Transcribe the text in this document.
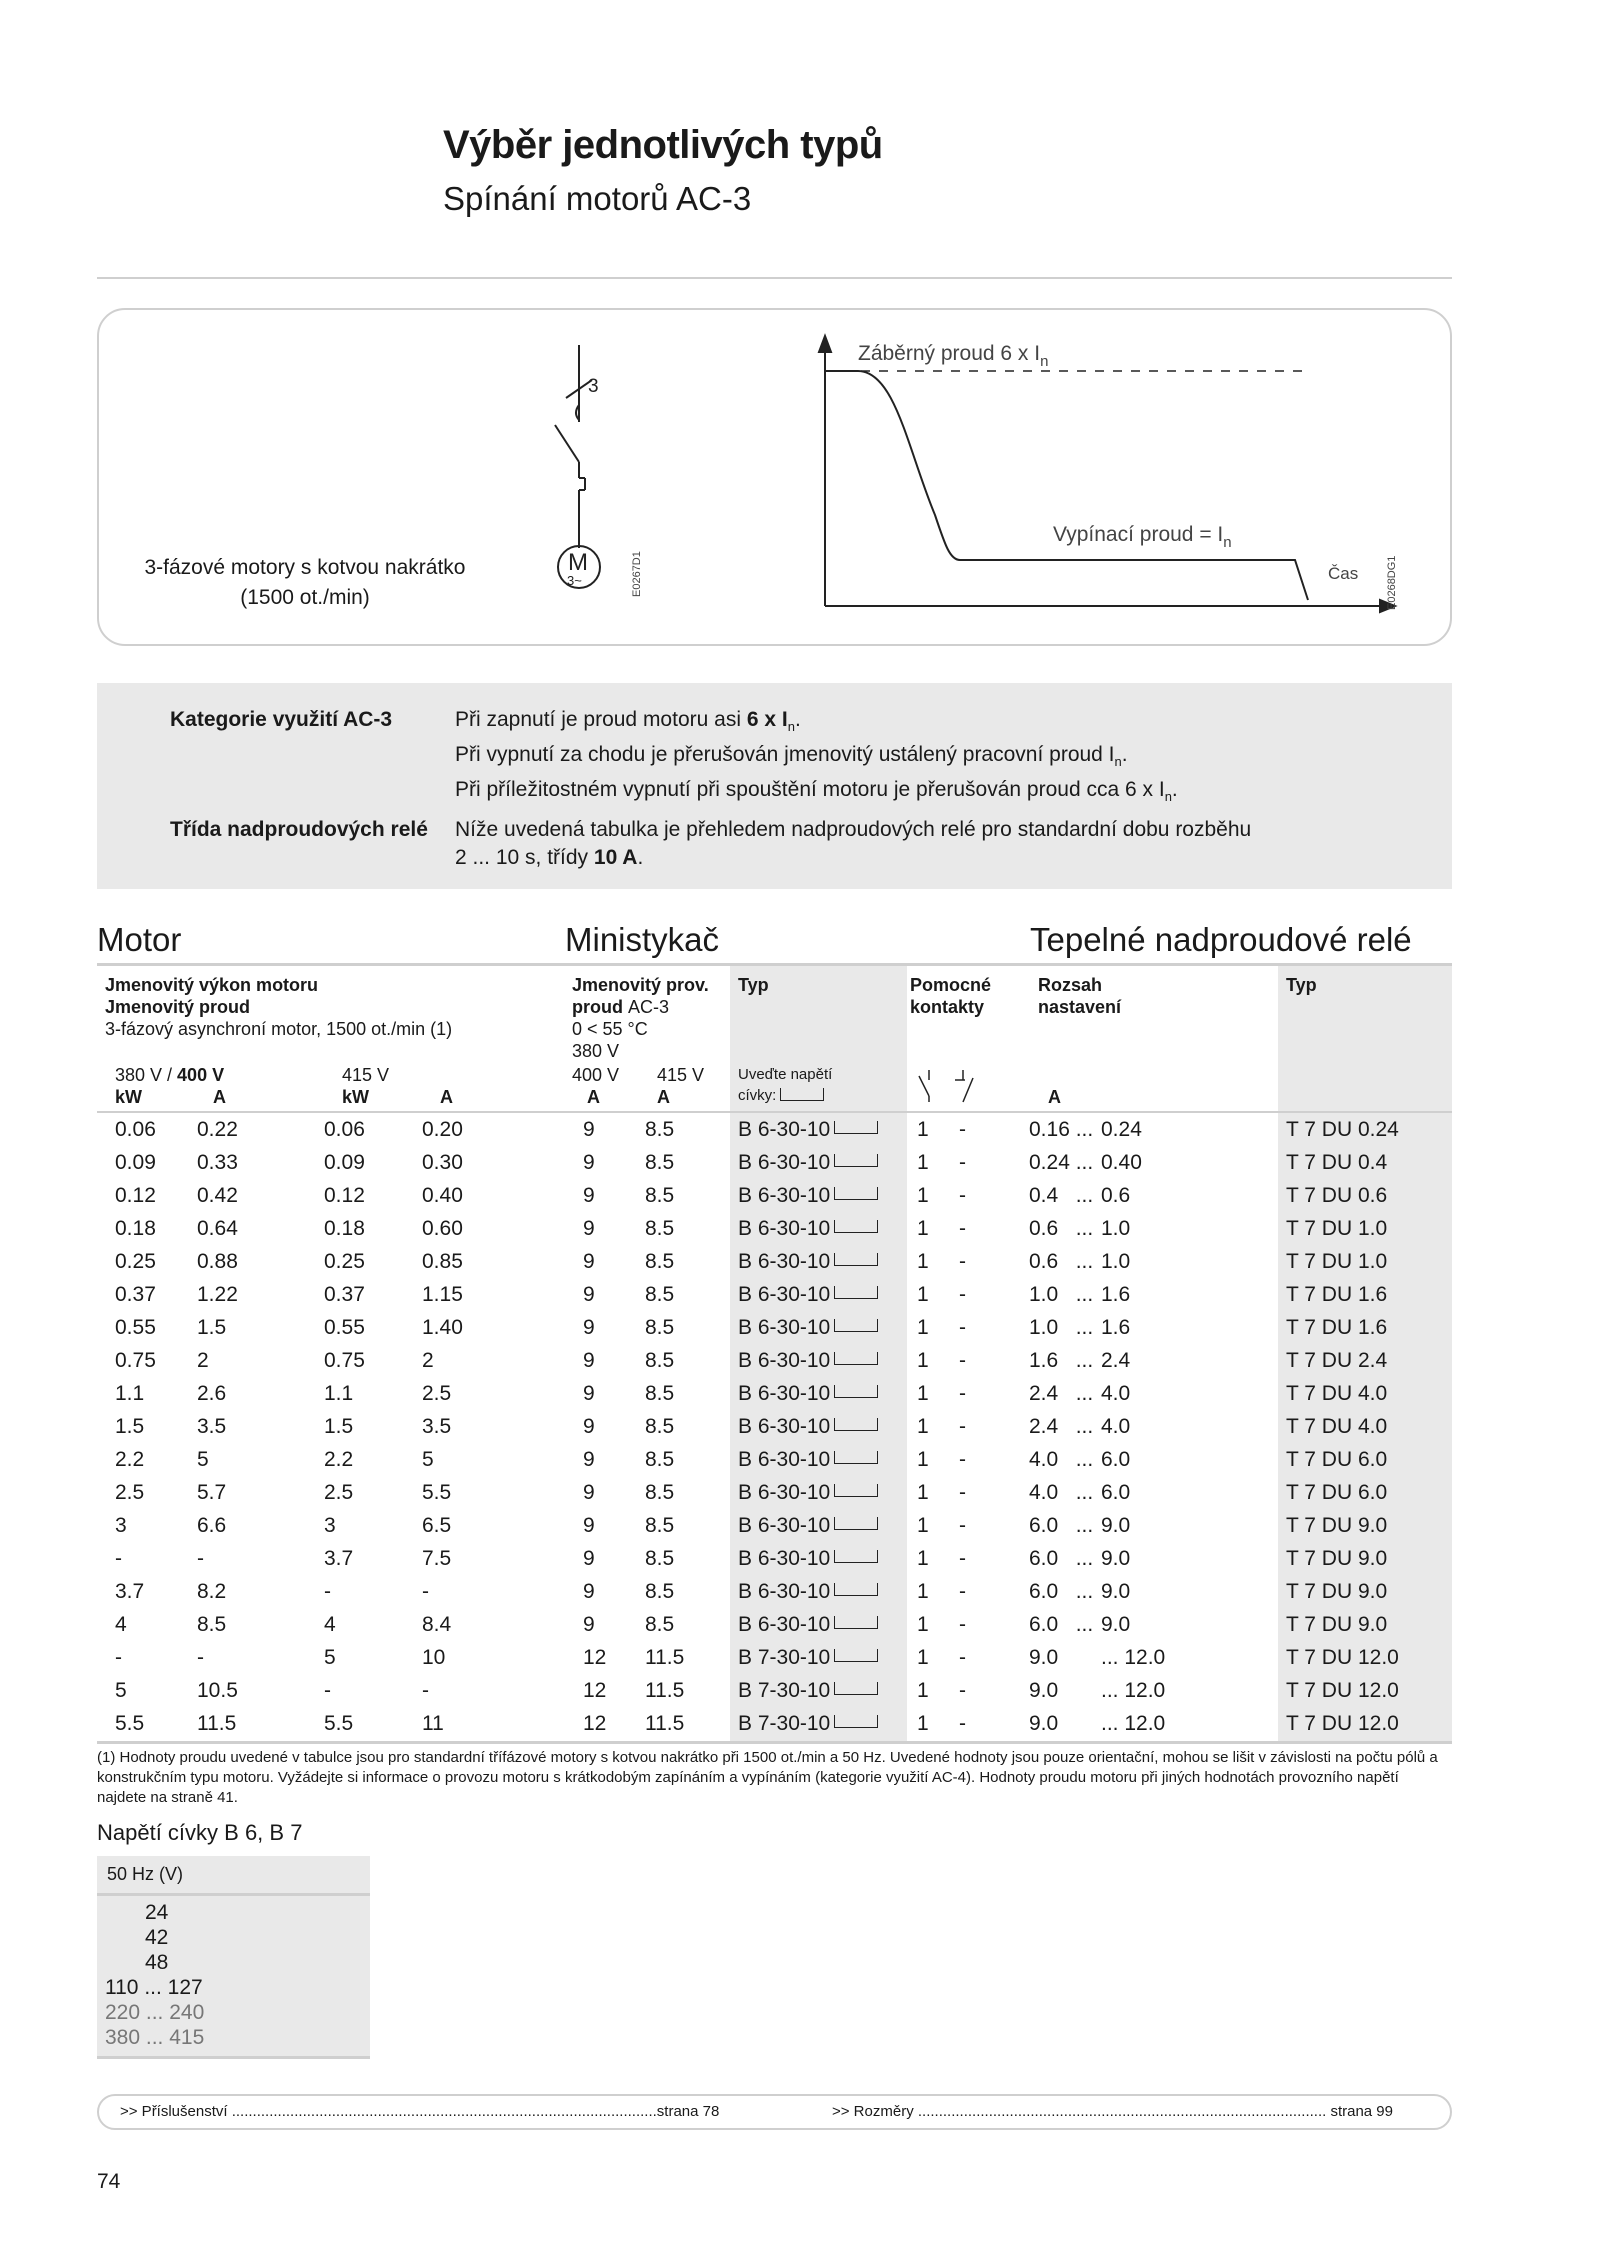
Výběr jednotlivých typů
Spínání motorů AC-3
3-fázové motory s kotvou nakrátko
(1500 ot./min)
3
M
3~	E0267D1
Záběrný proud 6 x $I_n$
Vypínací proud = $I_n$
Čas	E0268DG1
Kategorie využití AC-3	Při zapnutí je proud motoru asi 6 x $I_n$.
Při vypnutí za chodu je přerušován jmenovitý ustálený pracovní proud $I_n$.
Při příležitostném vypnutí při spouštění motoru je přerušován proud cca 6 x $I_n$.
Třída nadproudových relé Níže uvedená tabulka je přehledem nadproudových relé pro standardní dobu rozběhu
2 ... 10 s, třídy 10 A.
Motor	Ministykač	Tepelné nadproudové relé
Jmenovitý výkon motoru
Jmenovitý proud
3-fázový asynchroní motor, 1500 ot./min (1)
380 V / 400 V	415 V
kW	A	kW	A
Jmenovitý prov.
proud AC-3
0 < 55 °C
380 V
400 V 415 V
A	A
Typ
Uveďte napětí
cívky:
Pomocné
kontakty
Rozsah
nastavení
A
Typ
0.06	0.22	0.06	0.20	9	8.5	B 6-30-10	1	-	0.16 ...	0.24	T 7 DU 0.24
0.09	0.33	0.09	0.30	9	8.5	B 6-30-10	1	-	0.24 ...	0.40	T 7 DU 0.4
0.12	0.42	0.12	0.40	9	8.5	B 6-30-10	1	-	0.4   ...	0.6	T 7 DU 0.6
0.18	0.64	0.18	0.60	9	8.5	B 6-30-10	1	-	0.6   ...	1.0	T 7 DU 1.0
0.25	0.88	0.25	0.85	9	8.5	B 6-30-10	1	-	0.6   ...	1.0	T 7 DU 1.0
0.37	1.22	0.37	1.15	9	8.5	B 6-30-10	1	-	1.0   ...	1.6	T 7 DU 1.6
0.55	1.5	0.55	1.40	9	8.5	B 6-30-10	1	-	1.0   ...	1.6	T 7 DU 1.6
0.75	2	0.75	2	9	8.5	B 6-30-10	1	-	1.6   ...	2.4	T 7 DU 2.4
1.1	2.6	1.1	2.5	9	8.5	B 6-30-10	1	-	2.4   ...	4.0	T 7 DU 4.0
1.5	3.5	1.5	3.5	9	8.5	B 6-30-10	1	-	2.4   ...	4.0	T 7 DU 4.0
2.2	5	2.2	5	9	8.5	B 6-30-10	1	-	4.0   ...	6.0	T 7 DU 6.0
2.5	5.7	2.5	5.5	9	8.5	B 6-30-10	1	-	4.0   ...	6.0	T 7 DU 6.0
3	6.6	3	6.5	9	8.5	B 6-30-10	1	-	6.0   ...	9.0	T 7 DU 9.0
-	-	3.7	7.5	9	8.5	B 6-30-10	1	-	6.0   ...	9.0	T 7 DU 9.0
3.7	8.2	-	-	9	8.5	B 6-30-10	1	-	6.0   ...	9.0	T 7 DU 9.0
4	8.5	4	8.4	9	8.5	B 6-30-10	1	-	6.0   ...	9.0	T 7 DU 9.0
-	-	5	10	12	11.5	B 7-30-10	1	-	9.0	... 12.0	T 7 DU 12.0
5	10.5	-	-	12	11.5	B 7-30-10	1	-	9.0	... 12.0	T 7 DU 12.0
5.5	11.5	5.5	11	12	11.5	B 7-30-10	1	-	9.0	... 12.0	T 7 DU 12.0
(1) Hodnoty proudu uvedené v tabulce jsou pro standardní třífázové motory s kotvou nakrátko při 1500 ot./min a 50 Hz. Uvedené hodnoty jsou pouze orientační, mohou se lišit v závislosti na počtu pólů a konstrukčním typu motoru. Vyžádejte si informace o provozu motoru s krátkodobým zapínáním a vypínáním (kategorie využití AC-4). Hodnoty proudu motoru při jiných hodnotách provozního napětí najdete na straně 41.
Napětí cívky B 6, B 7
50 Hz (V)
24
42
48
110 ... 127
220 ... 240
380 ... 415
>> Příslušenství ......................................................................................................strana 78	>> Rozměry .................................................................................................. strana 99
74
